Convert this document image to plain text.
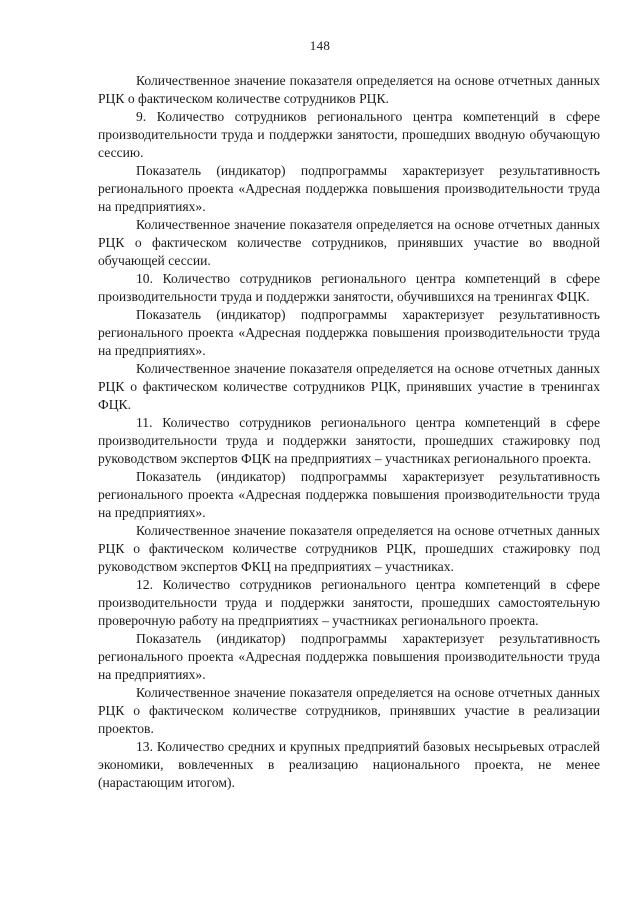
148

Количественное значение показателя определяется на основе отчетных данных РЦК о фактическом количестве сотрудников РЦК.

9. Количество сотрудников регионального центра компетенций в сфере производительности труда и поддержки занятости, прошедших вводную обучающую сессию.

Показатель (индикатор) подпрограммы характеризует результативность регионального проекта «Адресная поддержка повышения производительности труда на предприятиях».

Количественное значение показателя определяется на основе отчетных данных РЦК о фактическом количестве сотрудников, принявших участие во вводной обучающей сессии.

10. Количество сотрудников регионального центра компетенций в сфере производительности труда и поддержки занятости, обучившихся на тренингах ФЦК.

Показатель (индикатор) подпрограммы характеризует результативность регионального проекта «Адресная поддержка повышения производительности труда на предприятиях».

Количественное значение показателя определяется на основе отчетных данных РЦК о фактическом количестве сотрудников РЦК, принявших участие в тренингах ФЦК.

11. Количество сотрудников регионального центра компетенций в сфере производительности труда и поддержки занятости, прошедших стажировку под руководством экспертов ФЦК на предприятиях – участниках регионального проекта.

Показатель (индикатор) подпрограммы характеризует результативность регионального проекта «Адресная поддержка повышения производительности труда на предприятиях».

Количественное значение показателя определяется на основе отчетных данных РЦК о фактическом количестве сотрудников РЦК, прошедших стажировку под руководством экспертов ФКЦ на предприятиях – участниках.

12. Количество сотрудников регионального центра компетенций в сфере производительности труда и поддержки занятости, прошедших самостоятельную проверочную работу на предприятиях – участниках регионального проекта.

Показатель (индикатор) подпрограммы характеризует результативность регионального проекта «Адресная поддержка повышения производительности труда на предприятиях».

Количественное значение показателя определяется на основе отчетных данных РЦК о фактическом количестве сотрудников, принявших участие в реализации проектов.

13. Количество средних и крупных предприятий базовых несырьевых отраслей экономики, вовлеченных в реализацию национального проекта, не менее (нарастающим итогом).
